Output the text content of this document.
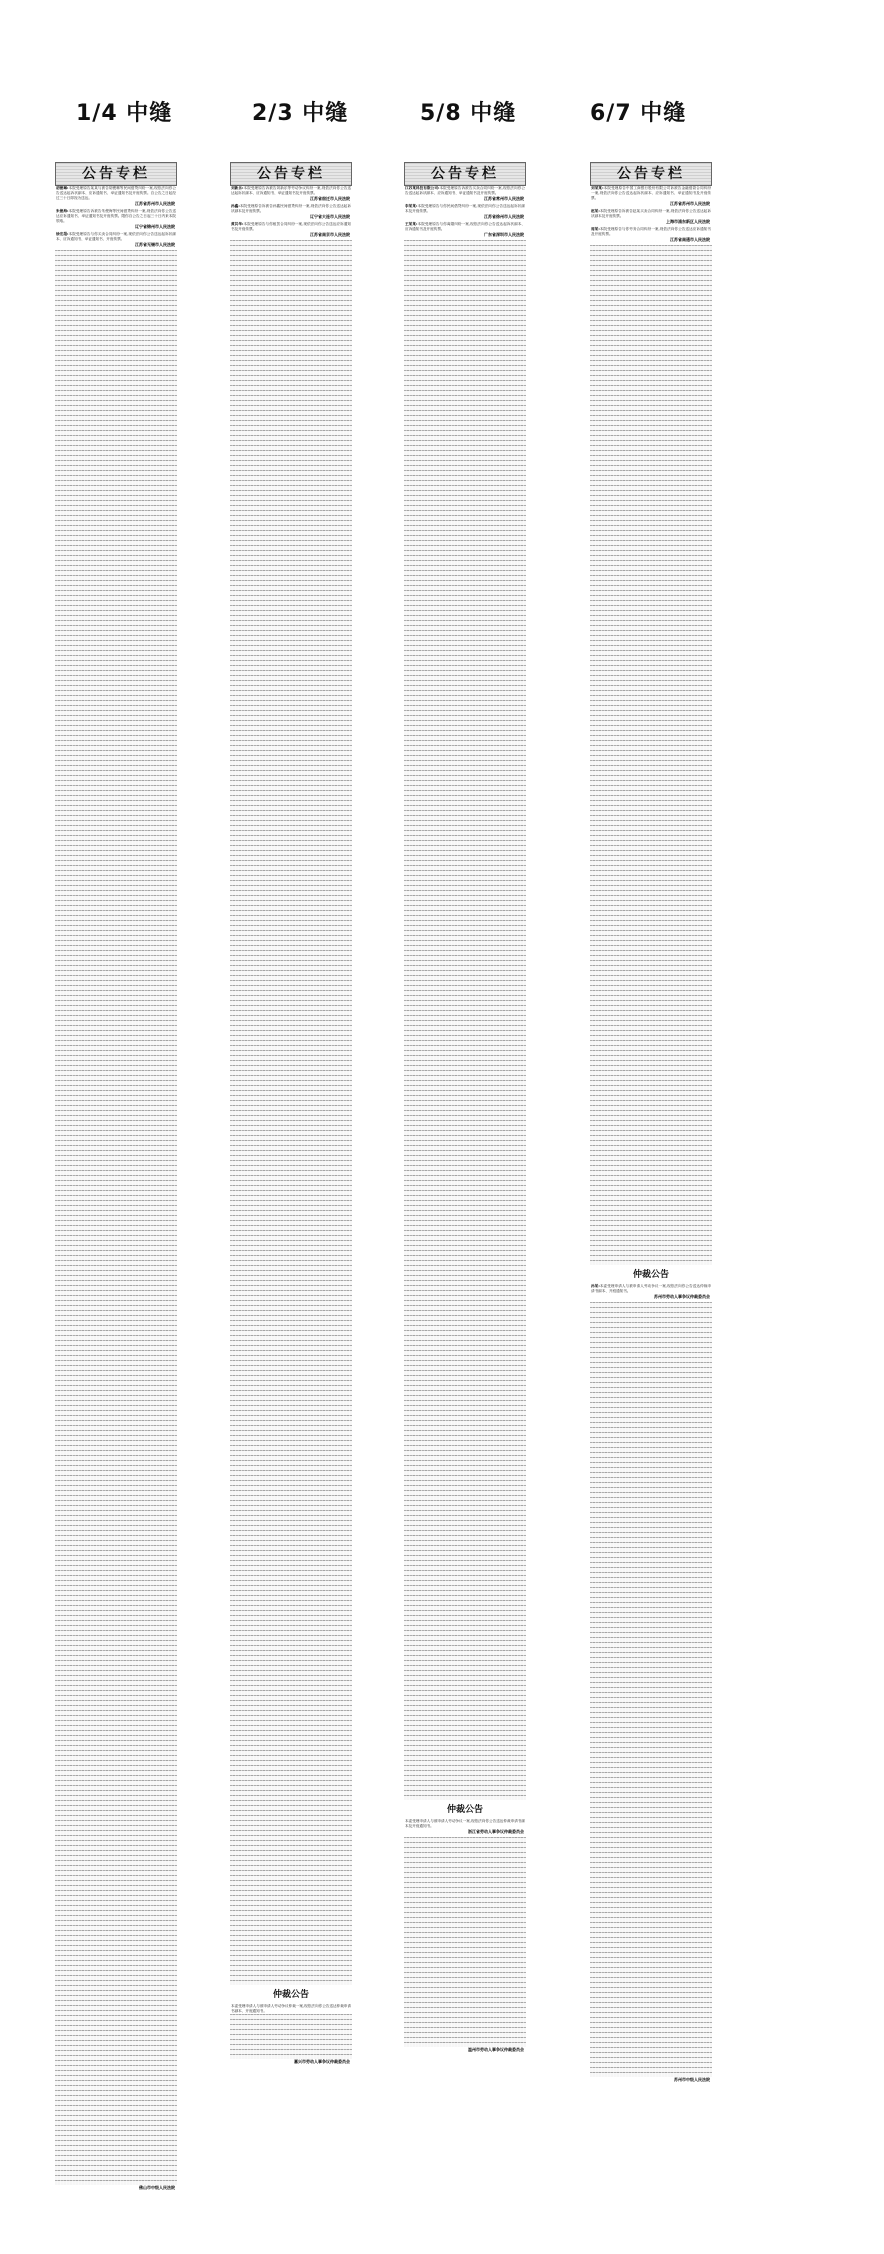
1/4 中缝	2/3 中缝	5/8 中缝	6/7 中缝
公告专栏

胡俊琳:本院受理原告某某与被告胡俊琳等民间借贷纠纷一案,现依法向你公告送达起诉状副本、应诉通知书、举证通知书及开庭传票。自公告之日起经过三十日即视为送达。

江苏省苏州市人民法院

朱俊海:本院受理原告诉被告朱俊海等民间借贷纠纷一案,现依法向你公告送达应诉通知书、举证通知书及开庭传票。限你自公告之日起三十日内来本院领取。

辽宁省锦州市人民法院

徐宏超:本院受理原告与你买卖合同纠纷一案,现依法向你公告送达起诉状副本、应诉通知书、举证通知书、开庭传票。

江苏省无锡市人民法院
佛山市中级人民法院
公告专栏

刘新乐:本院受理原告诉被告刘新乐等劳动争议纠纷一案,现依法向你公告送达起诉状副本、应诉通知书、举证通知书及开庭传票。

江苏省宿迁市人民法院

孙鑫:本院受理原告诉被告孙鑫民间借贷纠纷一案,现依法向你公告送达起诉状副本及开庭传票。

辽宁省大连市人民法院

黄其华:本院受理原告与你租赁合同纠纷一案,现依法向你公告送达应诉通知书及开庭传票。

江苏省南京市人民法院
仲裁公告

本委受理申请人与被申请人劳动争议仲裁一案,现依法向你公告送达仲裁申请书副本、开庭通知书。

嘉兴市劳动人事争议仲裁委员会
公告专栏

江苏某科技有限公司:本院受理原告诉被告买卖合同纠纷一案,现依法向你公告送达起诉状副本、应诉通知书、举证通知书及开庭传票。

江苏省常州市人民法院

李某某:本院受理原告与你民间借贷纠纷一案,现依法向你公告送达起诉状副本及开庭传票。

江苏省徐州市人民法院

王某某:本院受理原告与你离婚纠纷一案,现依法向你公告送达起诉状副本、应诉通知书及开庭传票。

广东省深圳市人民法院
仲裁公告

本委受理申请人与被申请人劳动争议一案,现依法向你公告送达仲裁申请书副本及开庭通知书。

浙江省劳动人事争议仲裁委员会
温州市劳动人事争议仲裁委员会
公告专栏

刘某某:本院受理原告中国工商银行股份有限公司诉被告金融借款合同纠纷一案,现依法向你公告送达起诉状副本、应诉通知书、举证通知书及开庭传票。

江苏省苏州市人民法院

赵某:本院受理原告诉被告赵某买卖合同纠纷一案,现依法向你公告送达起诉状副本及开庭传票。

上海市浦东新区人民法院

周某:本院受理原告与你劳务合同纠纷一案,现依法向你公告送达应诉通知书及开庭传票。

江苏省南通市人民法院
仲裁公告

孙某:本委受理申请人与被申请人劳动争议一案,现依法向你公告送达仲裁申请书副本、开庭通知书。

苏州市劳动人事争议仲裁委员会
苏州市中级人民法院
